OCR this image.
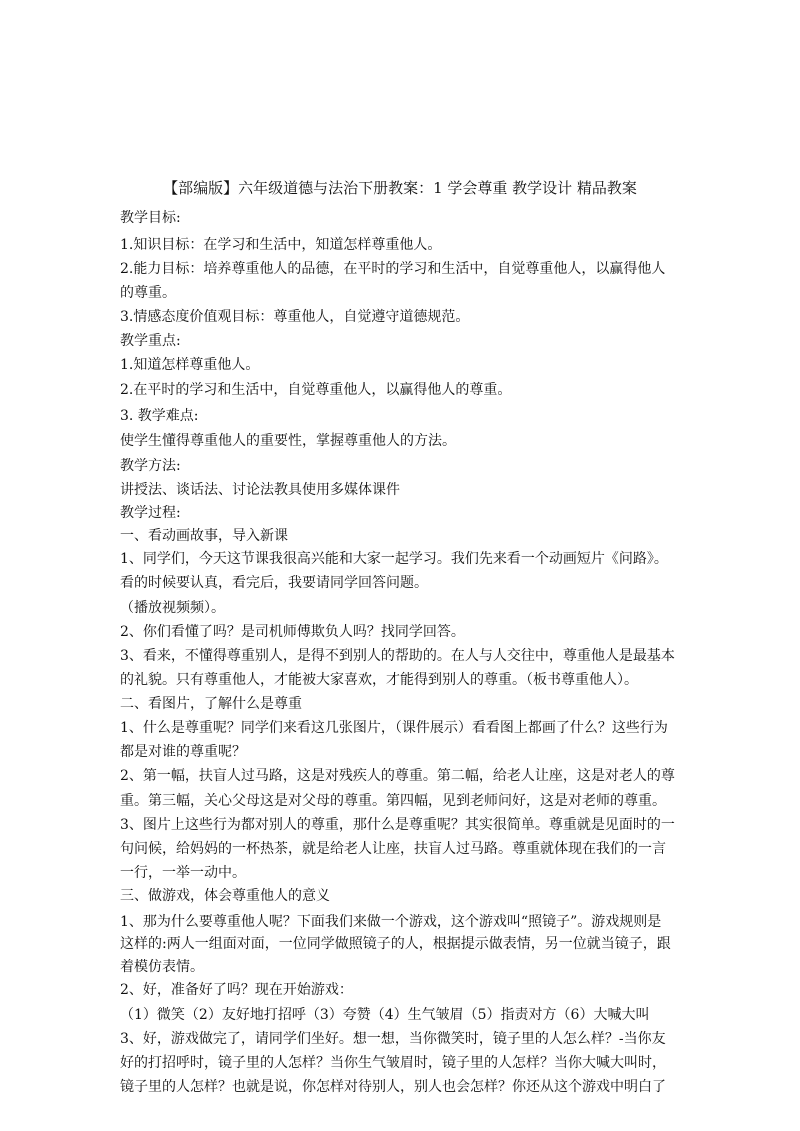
【部编版】六年级道德与法治下册教案：1 学会尊重 教学设计 精品教案
教学目标:
1.知识目标：在学习和生活中，知道怎样尊重他人。
2.能力目标：培养尊重他人的品德，在平时的学习和生活中，自觉尊重他人，以赢得他人
的尊重。
3.情感态度价值观目标：尊重他人，自觉遵守道德规范。
教学重点:
1.知道怎样尊重他人。
2.在平时的学习和生活中，自觉尊重他人，以赢得他人的尊重。
3. 教学难点:
使学生懂得尊重他人的重要性，掌握尊重他人的方法。
教学方法:
讲授法、谈话法、讨论法教具使用多媒体课件
教学过程:
一、看动画故事，导入新课
1、同学们，今天这节课我很高兴能和大家一起学习。我们先来看一个动画短片《问路》。
看的时候要认真，看完后，我要请同学回答问题。
（播放视频频）。
2、你们看懂了吗？是司机师傅欺负人吗？找同学回答。
3、看来，不懂得尊重别人，是得不到别人的帮助的。在人与人交往中，尊重他人是最基本
的礼貌。只有尊重他人，才能被大家喜欢，才能得到别人的尊重。（板书尊重他人）。
二、看图片，了解什么是尊重
1、什么是尊重呢？同学们来看这几张图片，（课件展示）看看图上都画了什么？这些行为
都是对谁的尊重呢？
2、第一幅，扶盲人过马路，这是对残疾人的尊重。第二幅，给老人让座，这是对老人的尊
重。第三幅，关心父母这是对父母的尊重。第四幅，见到老师问好，这是对老师的尊重。
3、图片上这些行为都对别人的尊重，那什么是尊重呢？其实很简单。尊重就是见面时的一
句问候，给妈妈的一杯热茶，就是给老人让座，扶盲人过马路。尊重就体现在我们的一言
一行，一举一动中。
三、做游戏，体会尊重他人的意义
1、那为什么要尊重他人呢？下面我们来做一个游戏，这个游戏叫“照镜子”。游戏规则是
这样的:两人一组面对面，一位同学做照镜子的人，根据提示做表情，另一位就当镜子，跟
着模仿表情。
2、好，准备好了吗？现在开始游戏：
（1）微笑（2）友好地打招呼（3）夸赞（4）生气皱眉（5）指责对方（6）大喊大叫
3、好，游戏做完了，请同学们坐好。想一想，当你微笑时，镜子里的人怎么样？-当你友
好的打招呼时，镜子里的人怎样？当你生气皱眉时，镜子里的人怎样？当你大喊大叫时，
镜子里的人怎样？也就是说，你怎样对待别人，别人也会怎样？你还从这个游戏中明白了
